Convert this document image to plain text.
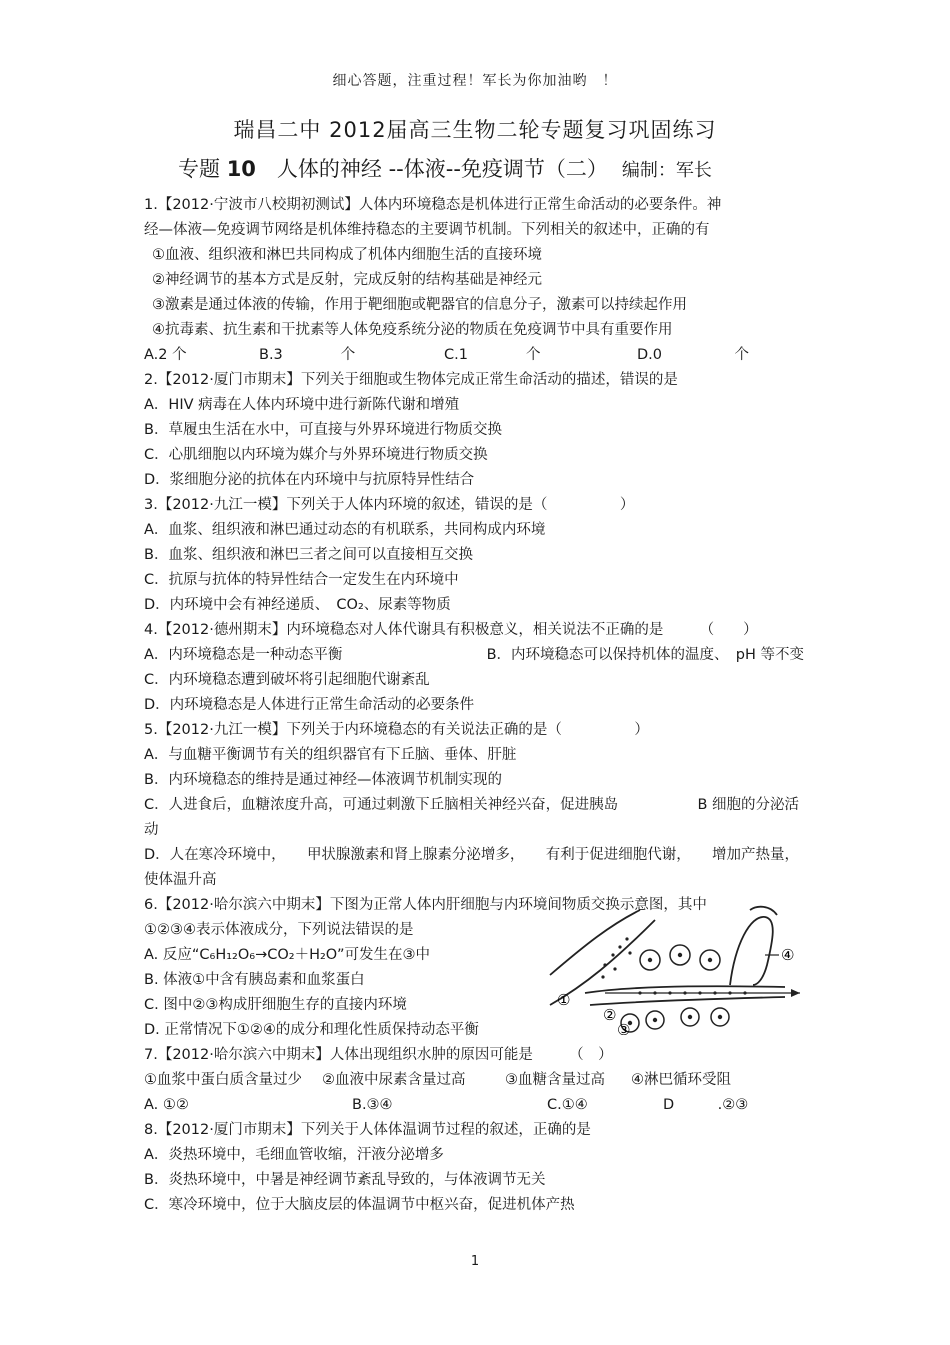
细心答题，注重过程！军长为你加油哟　！
瑞昌二中 2012届高三生物二轮专题复习巩固练习
专题 10　人体的神经 --体液--免疫调节（二） 编制：军长
1.【2012·宁波市八校期初测试】人体内环境稳态是机体进行正常生命活动的必要条件。神
经—体液—免疫调节网络是机体维持稳态的主要调节机制。下列相关的叙述中，正确的有
①血液、组织液和淋巴共同构成了机体内细胞生活的直接环境
②神经调节的基本方式是反射，完成反射的结构基础是神经元
③激素是通过体液的传输，作用于靶细胞或靶器官的信息分子，激素可以持续起作用
④抗毒素、抗生素和干扰素等人体免疫系统分泌的物质在免疫调节中具有重要作用
A.2 个	B.3　　　　个	C.1　　　　个	D.0　　　　　个
2.【2012·厦门市期末】下列关于细胞或生物体完成正常生命活动的描述，错误的是
A．HIV 病毒在人体内环境中进行新陈代谢和增殖
B．草履虫生活在水中，可直接与外界环境进行物质交换
C．心肌细胞以内环境为媒介与外界环境进行物质交换
D．浆细胞分泌的抗体在内环境中与抗原特异性结合
3.【2012·九江一模】下列关于人体内环境的叙述，错误的是（　　　　　）
A．血浆、组织液和淋巴通过动态的有机联系，共同构成内环境
B．血浆、组织液和淋巴三者之间可以直接相互交换
C．抗原与抗体的特异性结合一定发生在内环境中
D．内环境中会有神经递质、　CO₂、尿素等物质
4.【2012·德州期末】内环境稳态对人体代谢具有积极意义，相关说法不正确的是　　　（　　）
A．内环境稳态是一种动态平衡	B．内环境稳态可以保持机体的温度、　pH 等不变
C．内环境稳态遭到破坏将引起细胞代谢紊乱
D．内环境稳态是人体进行正常生命活动的必要条件
5.【2012·九江一模】下列关于内环境稳态的有关说法正确的是（　　　　　）
A．与血糖平衡调节有关的组织器官有下丘脑、垂体、肝脏
B．内环境稳态的维持是通过神经—体液调节机制实现的
C．人进食后，血糖浓度升高，可通过刺激下丘脑相关神经兴奋，促进胰岛	B 细胞的分泌活
动
D．人在寒冷环境中， 甲状腺激素和肾上腺素分泌增多， 有利于促进细胞代谢， 增加产热量，
使体温升高
6.【2012·哈尔滨六中期末】下图为正常人体内肝细胞与内环境间物质交换示意图，其中
①②③④表示体液成分，下列说法错误的是
A. 反应“C₆H₁₂O₆→CO₂＋H₂O”可发生在③中
B. 体液①中含有胰岛素和血浆蛋白
C. 图中②③构成肝细胞生存的直接内环境
D. 正常情况下①②④的成分和理化性质保持动态平衡
7.【2012·哈尔滨六中期末】人体出现组织水肿的原因可能是　　　（　）
①血浆中蛋白质含量过少	②血液中尿素含量过高	③血糖含量过高	④淋巴循环受阻
A. ①②	B.③④	C.①④	D　　　.②③
8.【2012·厦门市期末】下列关于人体体温调节过程的叙述，正确的是
A．炎热环境中，毛细血管收缩，汗液分泌增多
B．炎热环境中，中暑是神经调节紊乱导致的，与体液调节无关
C．寒冷环境中，位于大脑皮层的体温调节中枢兴奋，促进机体产热
①
②
③
④
1
